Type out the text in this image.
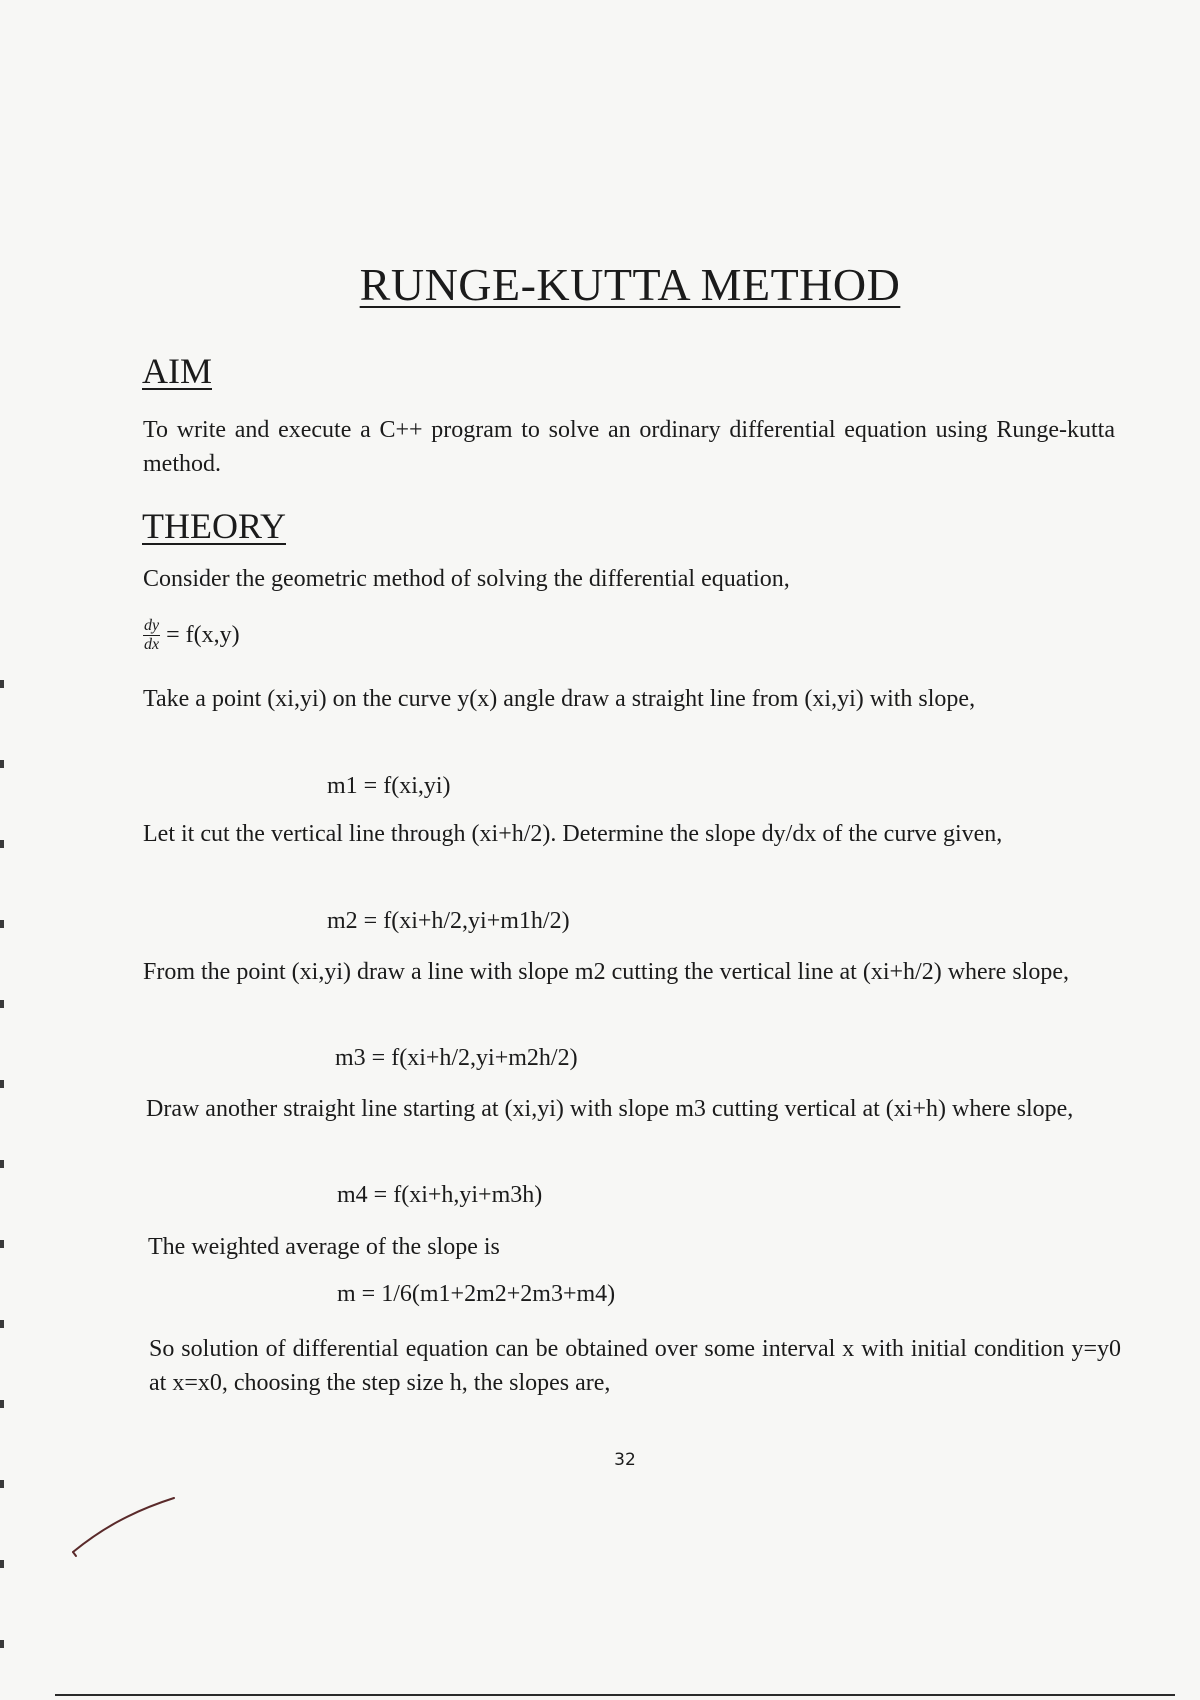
RUNGE-KUTTA METHOD
AIM

To write and execute a C++ program to solve an ordinary differential equation using Runge-kutta method.

THEORY

Consider the geometric method of solving the differential equation,

$\frac{dy}{dx} = f(x,y)$

Take a point (xi,yi) on the curve y(x) angle draw a straight line from (xi,yi) with slope,

m1 = f(xi,yi)

Let it cut the vertical line through (xi+h/2). Determine the slope dy/dx of the curve given,

m2 = f(xi+h/2,yi+m1h/2)

From the point (xi,yi) draw a line with slope m2 cutting the vertical line at (xi+h/2) where slope,

m3 = f(xi+h/2,yi+m2h/2)

Draw another straight line starting at (xi,yi) with slope m3 cutting vertical at (xi+h) where slope,

m4 = f(xi+h,yi+m3h)

The weighted average of the slope is

m = 1/6(m1+2m2+2m3+m4)

So solution of differential equation can be obtained over some interval x with initial condition y=y0 at x=x0, choosing the step size h, the slopes are,

32
